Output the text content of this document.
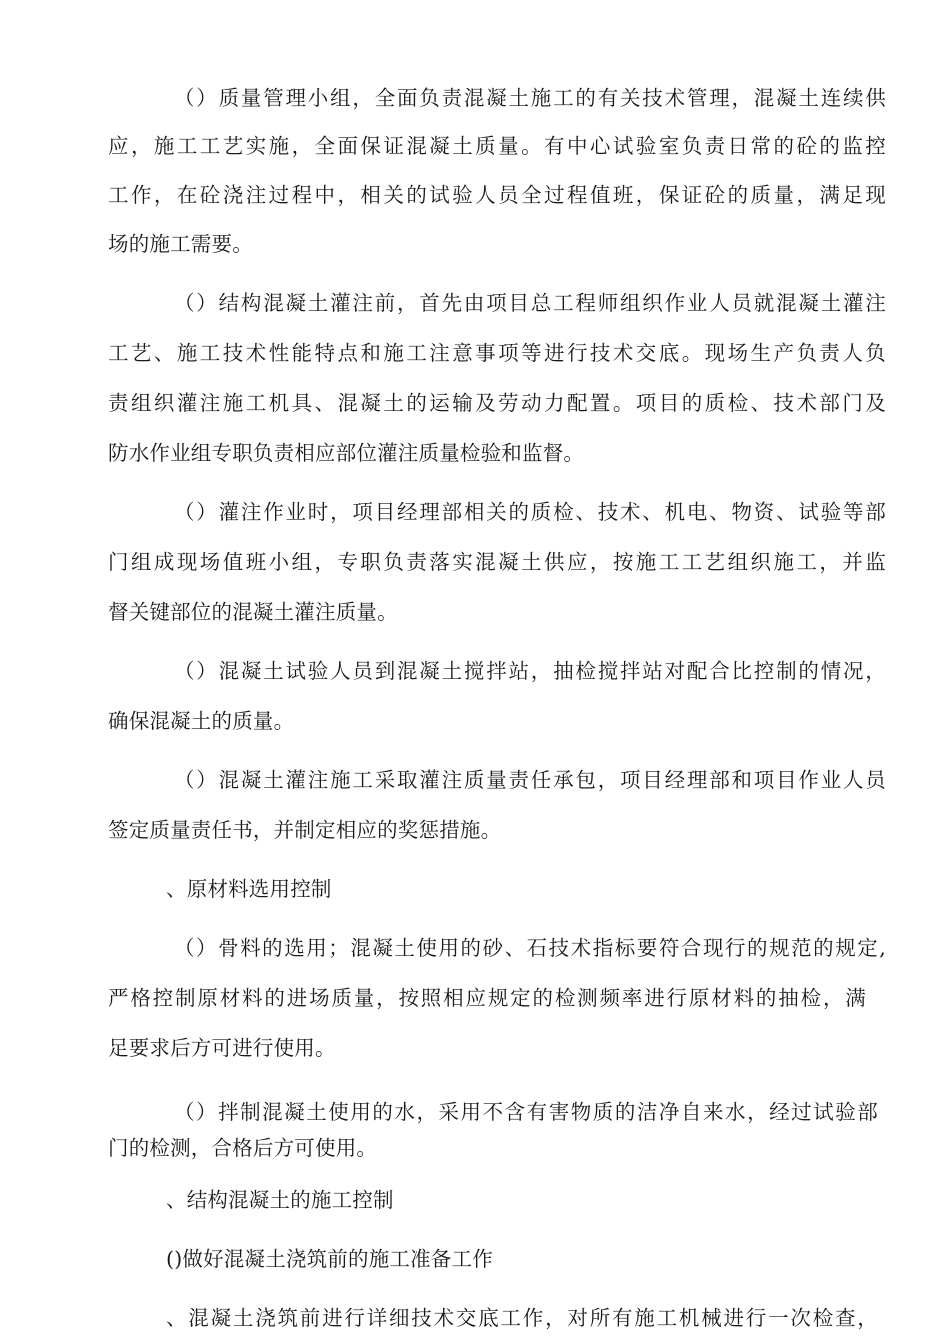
（）质量管理小组，全面负责混凝土施工的有关技术管理，混凝土连续供
应，施工工艺实施，全面保证混凝土质量。有中心试验室负责日常的砼的监控
工作，在砼浇注过程中，相关的试验人员全过程值班，保证砼的质量，满足现
场的施工需要。
（）结构混凝土灌注前，首先由项目总工程师组织作业人员就混凝土灌注
工艺、施工技术性能特点和施工注意事项等进行技术交底。现场生产负责人负
责组织灌注施工机具、混凝土的运输及劳动力配置。项目的质检、技术部门及
防水作业组专职负责相应部位灌注质量检验和监督。
（）灌注作业时，项目经理部相关的质检、技术、机电、物资、试验等部
门组成现场值班小组，专职负责落实混凝土供应，按施工工艺组织施工，并监
督关键部位的混凝土灌注质量。
（）混凝土试验人员到混凝土搅拌站，抽检搅拌站对配合比控制的情况，
确保混凝土的质量。
（）混凝土灌注施工采取灌注质量责任承包，项目经理部和项目作业人员
签定质量责任书，并制定相应的奖惩措施。
、原材料选用控制
（）骨料的选用；混凝土使用的砂、石技术指标要符合现行的规范的规定,
严格控制原材料的进场质量，按照相应规定的检测频率进行原材料的抽检，满
足要求后方可进行使用。
（）拌制混凝土使用的水，采用不含有害物质的洁净自来水，经过试验部
门的检测，合格后方可使用。
、结构混凝土的施工控制
()做好混凝土浇筑前的施工准备工作
、混凝土浇筑前进行详细技术交底工作，对所有施工机械进行一次检查，
